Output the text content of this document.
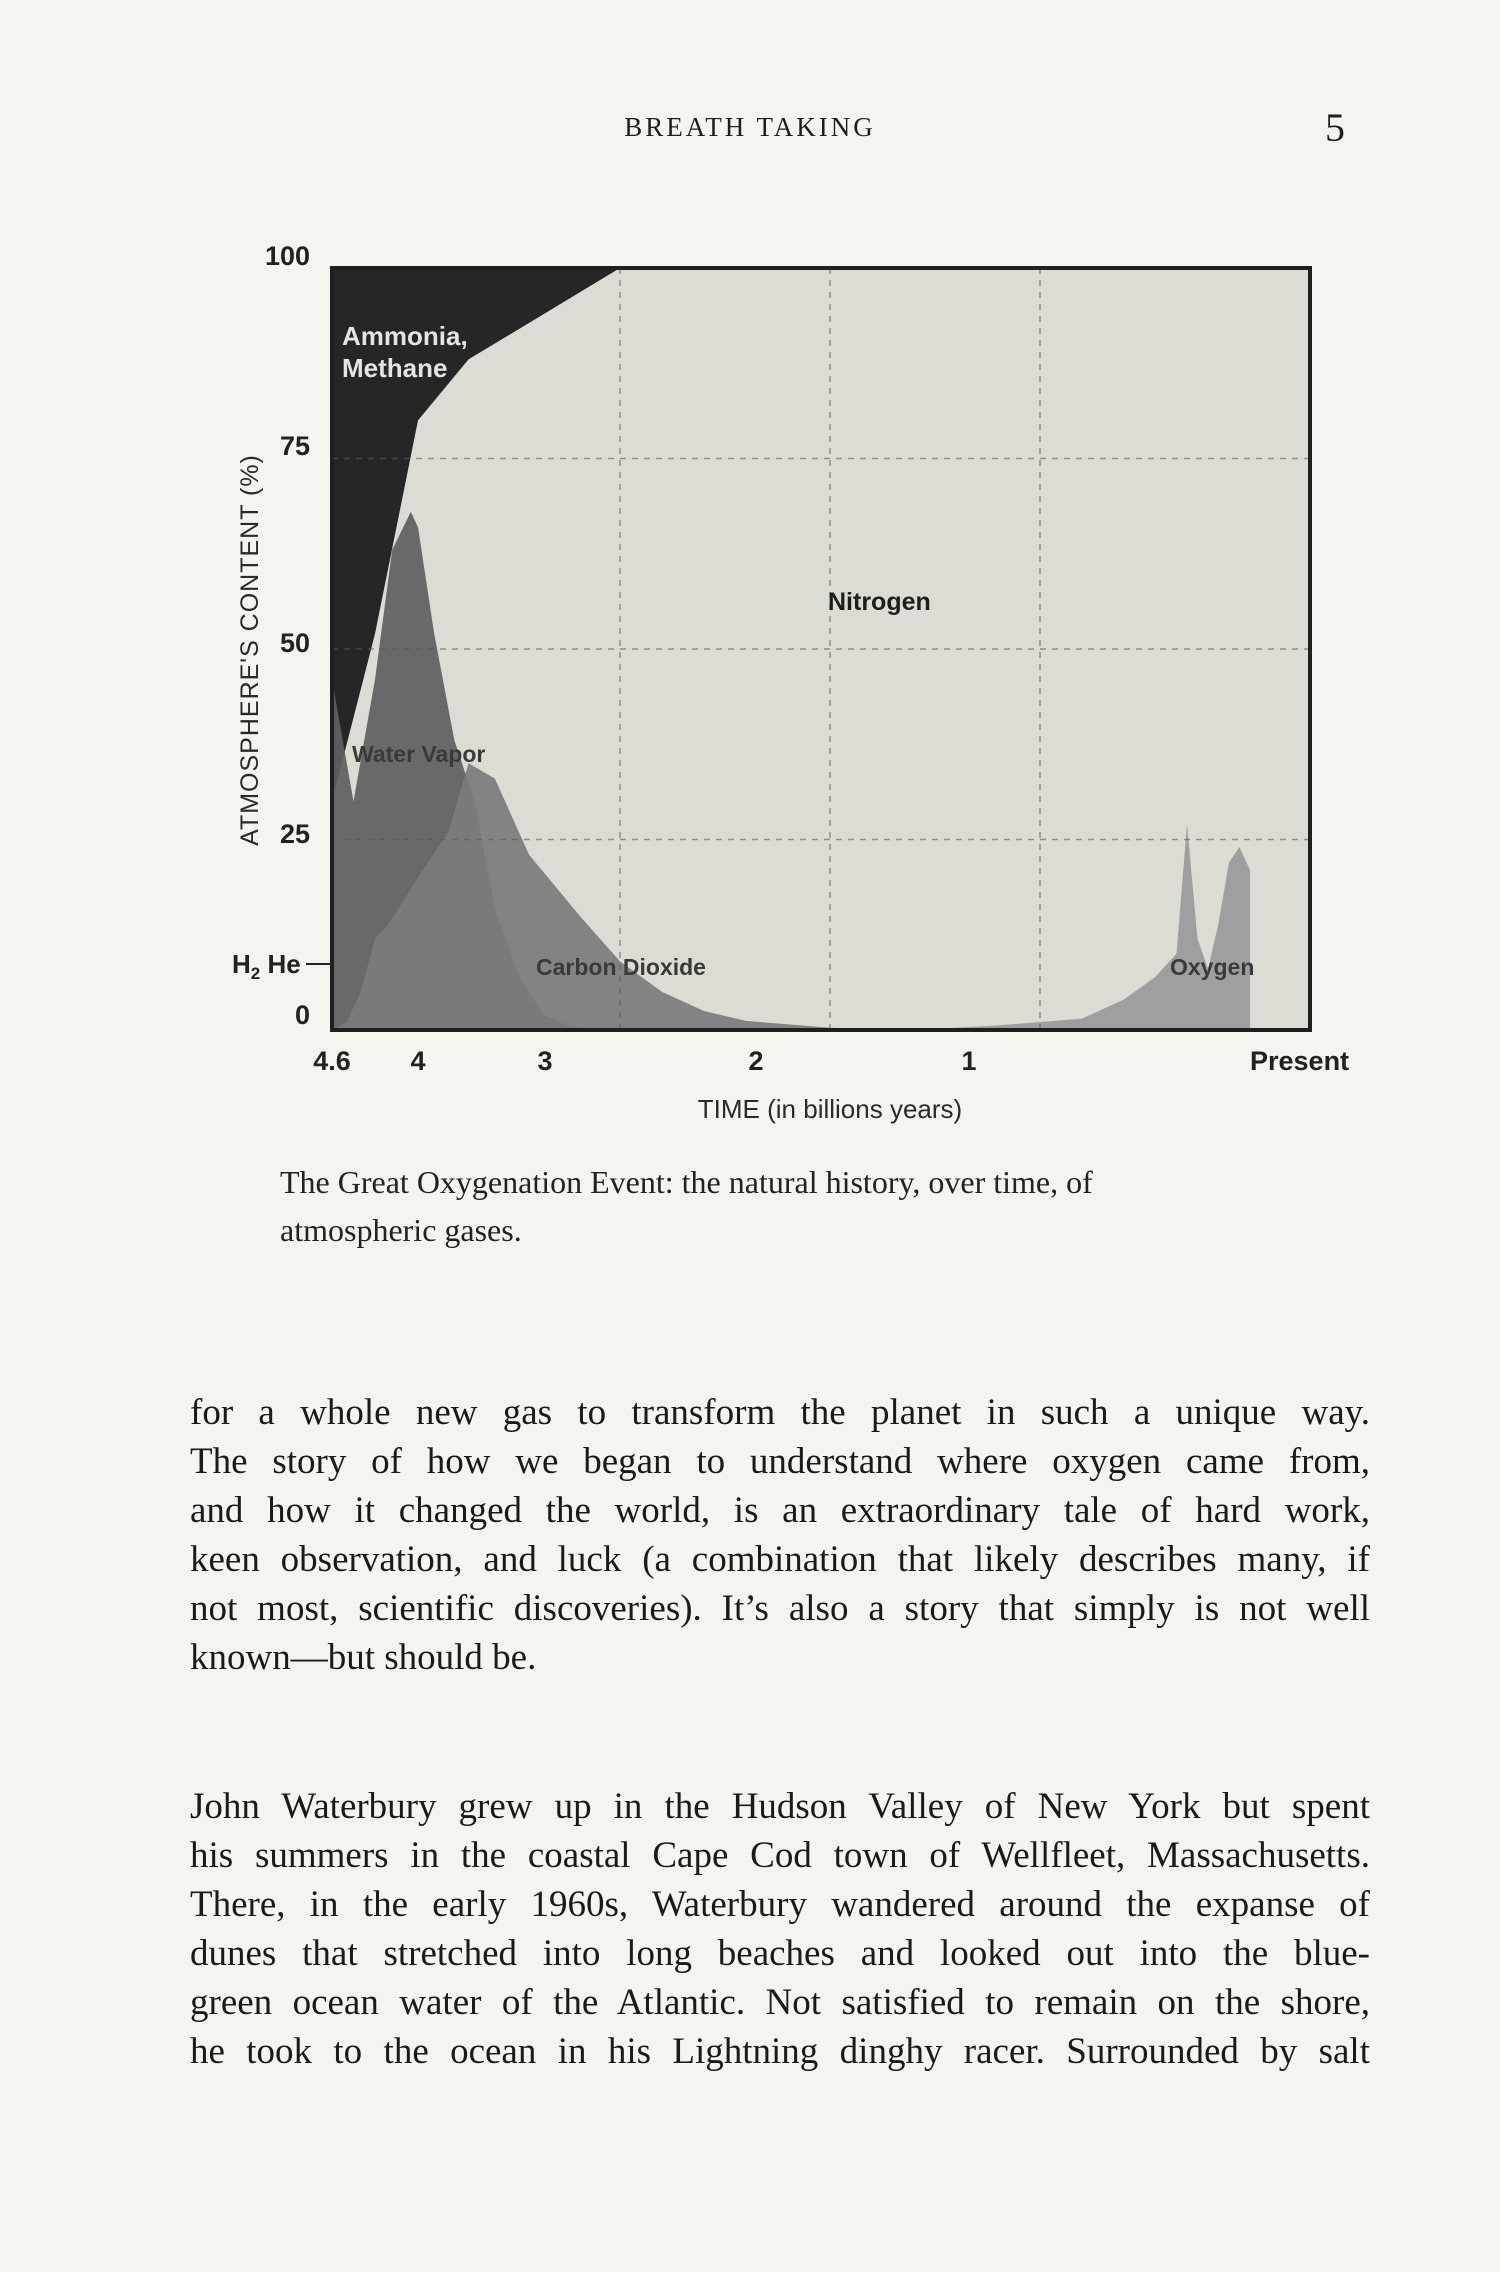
BREATH TAKING	5
100
75
50
25
0
4.6 4	3	2	1	Present
Ammonia,
Methane
Nitrogen
Water Vapor
Carbon Dioxide	Oxygen
ATMOSPHERE'S CONTENT (%)
TIME (in billions years)
$H_2$ He
The Great Oxygenation Event: the natural history, over time, of
atmospheric gases.
for a whole new gas to transform the planet in such a unique way.
The story of how we began to understand where oxygen came from,
and how it changed the world, is an extraordinary tale of hard work,
keen observation, and luck (a combination that likely describes many, if
not most, scientific discoveries). It’s also a story that simply is not well
known—but should be.
John Waterbury grew up in the Hudson Valley of New York but spent
his summers in the coastal Cape Cod town of Wellfleet, Massachusetts.
There, in the early 1960s, Waterbury wandered around the expanse of
dunes that stretched into long beaches and looked out into the blue-
green ocean water of the Atlantic. Not satisfied to remain on the shore,
he took to the ocean in his Lightning dinghy racer. Surrounded by salt
